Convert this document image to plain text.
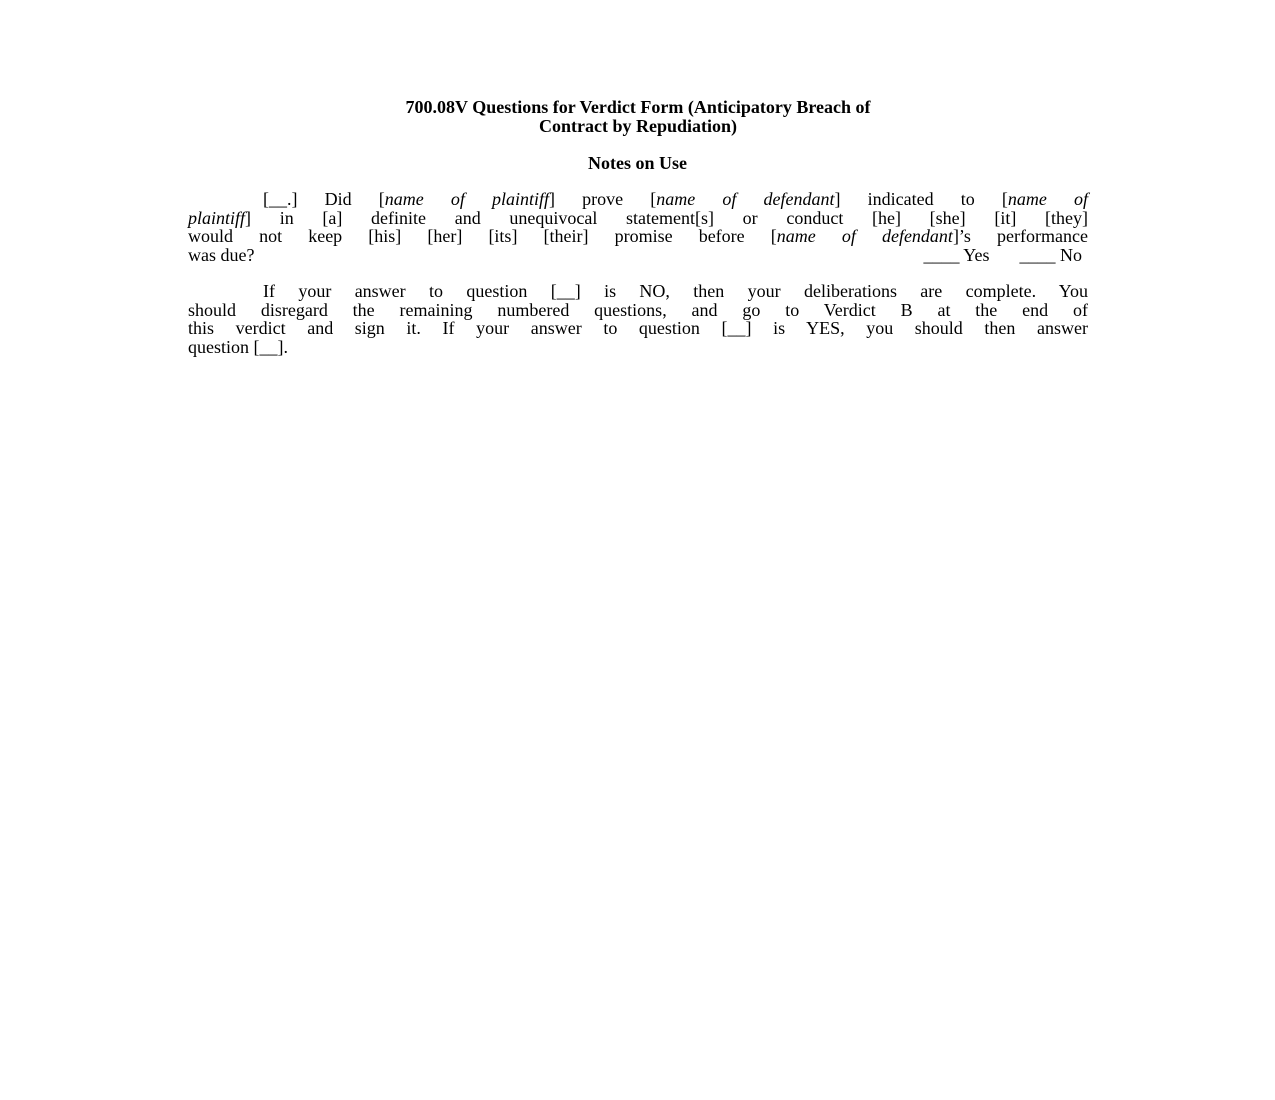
700.08V Questions for Verdict Form (Anticipatory Breach of
Contract by Repudiation)
Notes on Use
[__.] Did [name of plaintiff] prove [name of defendant] indicated to [name of
plaintiff] in [a] definite and unequivocal statement[s] or conduct [he] [she] [it] [they]
would not keep [his] [her] [its] [their] promise before [name of defendant]’s performance
was due?	____ Yes ____ No
If your answer to question [__] is NO, then your deliberations are complete. You
should disregard the remaining numbered questions, and go to Verdict B at the end of
this verdict and sign it. If your answer to question [__] is YES, you should then answer
question [__].
